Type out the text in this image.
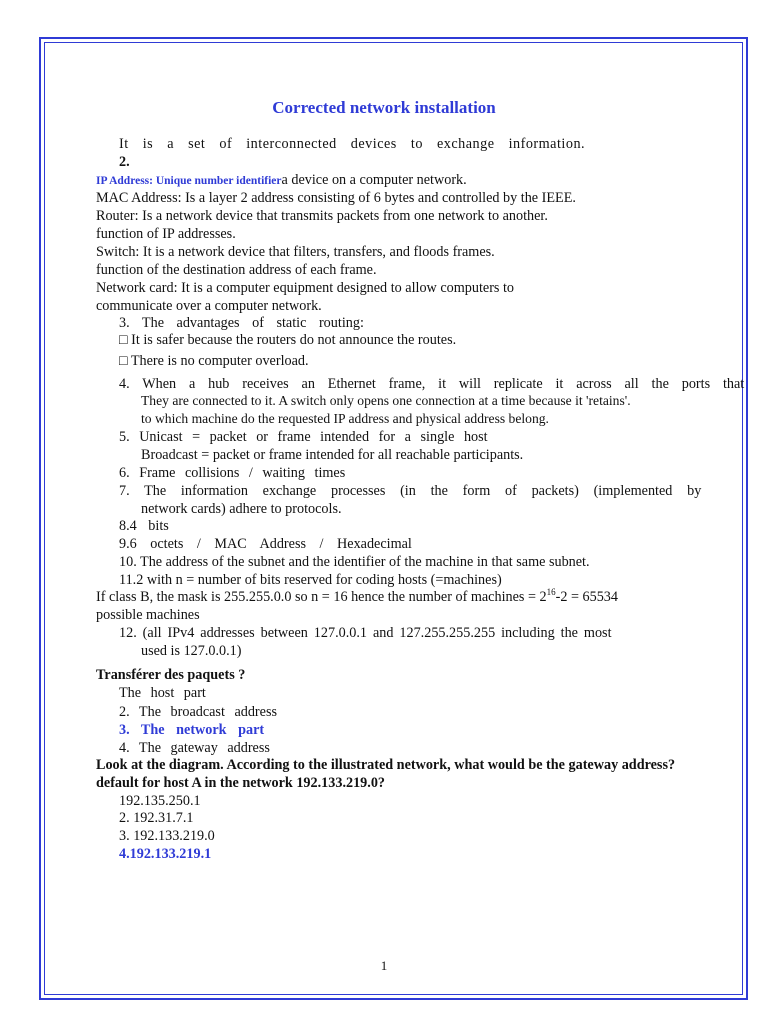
Corrected network installation
It is a set of interconnected devices to exchange information.
2.
IP Address: Unique number identifiera device on a computer network.
MAC Address: Is a layer 2 address consisting of 6 bytes and controlled by the IEEE.
Router: Is a network device that transmits packets from one network to another.
function of IP addresses.
Switch: It is a network device that filters, transfers, and floods frames.
function of the destination address of each frame.
Network card: It is a computer equipment designed to allow computers to
communicate over a computer network.
3. The advantages of static routing:
□ It is safer because the routers do not announce the routes.
□ There is no computer overload.
4. When a hub receives an Ethernet frame, it will replicate it across all the ports that
They are connected to it. A switch only opens one connection at a time because it 'retains'.
to which machine do the requested IP address and physical address belong.
5. Unicast = packet or frame intended for a single host
Broadcast = packet or frame intended for all reachable participants.
6. Frame collisions / waiting times
7. The information exchange processes (in the form of packets) (implemented by
network cards) adhere to protocols.
8.4 bits
9.6 octets / MAC Address / Hexadecimal
10. The address of the subnet and the identifier of the machine in that same subnet.
11.2 with n = number of bits reserved for coding hosts (=machines)
If class B, the mask is 255.255.0.0 so n = 16 hence the number of machines = $2^{16}-2 = 65534$
possible machines
12. (all IPv4 addresses between 127.0.0.1 and 127.255.255.255 including the most
used is 127.0.0.1)
Transférer des paquets ?
The host part
2. The broadcast address
3. The network part
4. The gateway address
Look at the diagram. According to the illustrated network, what would be the gateway address?
default for host A in the network 192.133.219.0?
192.135.250.1
2. 192.31.7.1
3. 192.133.219.0
4.192.133.219.1
1
